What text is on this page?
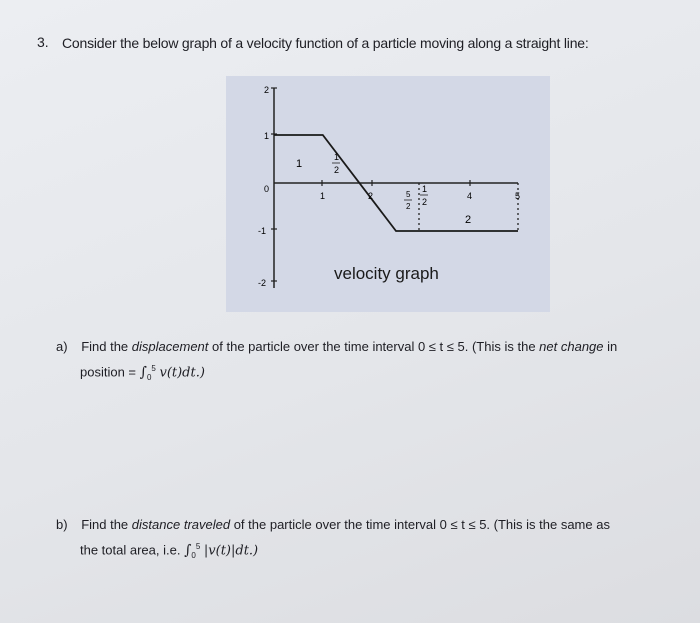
3. Consider the below graph of a velocity function of a particle moving along a straight line:
2
1
0
-1
-2
1	2	5
2
4	5
1
1
2
1
2
2
velocity graph
a) Find the displacement of the particle over the time interval 0 ≤ t ≤ 5. (This is the net change in
position = $\int_0^5$ v(t)dt.)
b) Find the distance traveled of the particle over the time interval 0 ≤ t ≤ 5. (This is the same as
the total area, i.e. $\int_0^5$ |v(t)|dt.)
